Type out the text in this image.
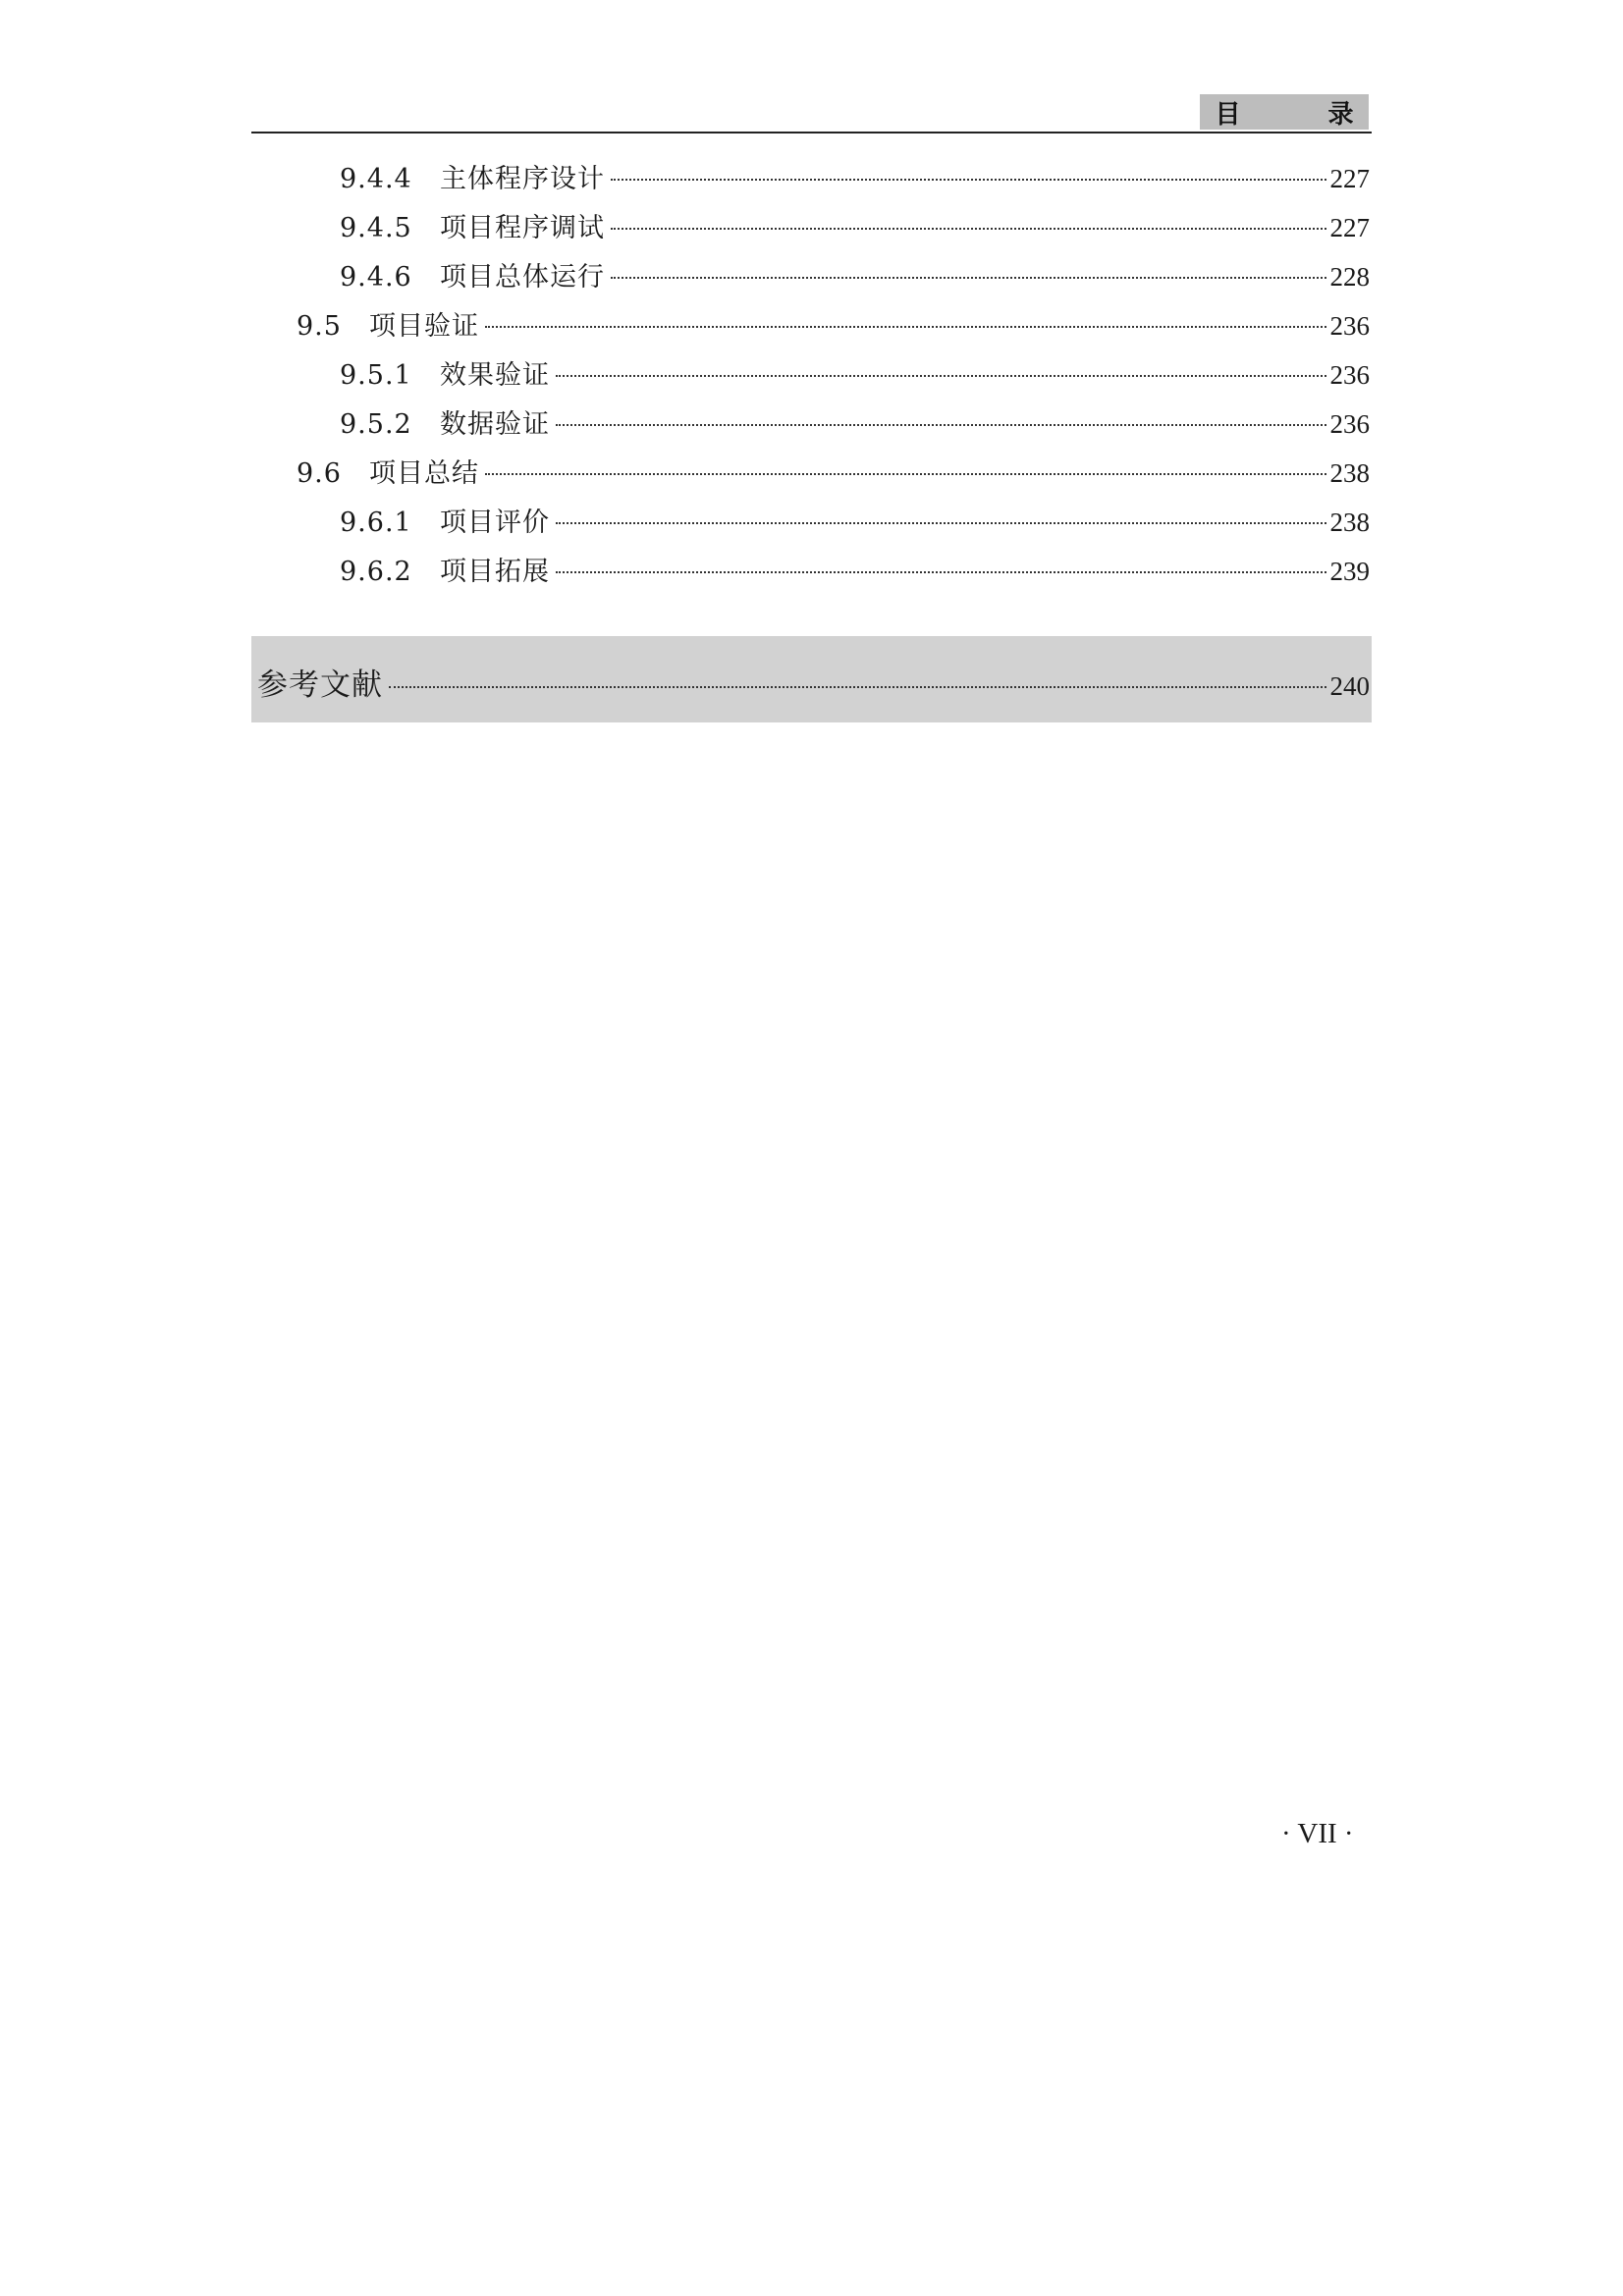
目 录
9.4.4	主体程序设计	227
9.4.5	项目程序调试	227
9.4.6	项目总体运行	228
9.5	项目验证	236
9.5.1	效果验证	236
9.5.2	数据验证	236
9.6	项目总结	238
9.6.1	项目评价	238
9.6.2	项目拓展	239
参考文献	240
· VII ·
